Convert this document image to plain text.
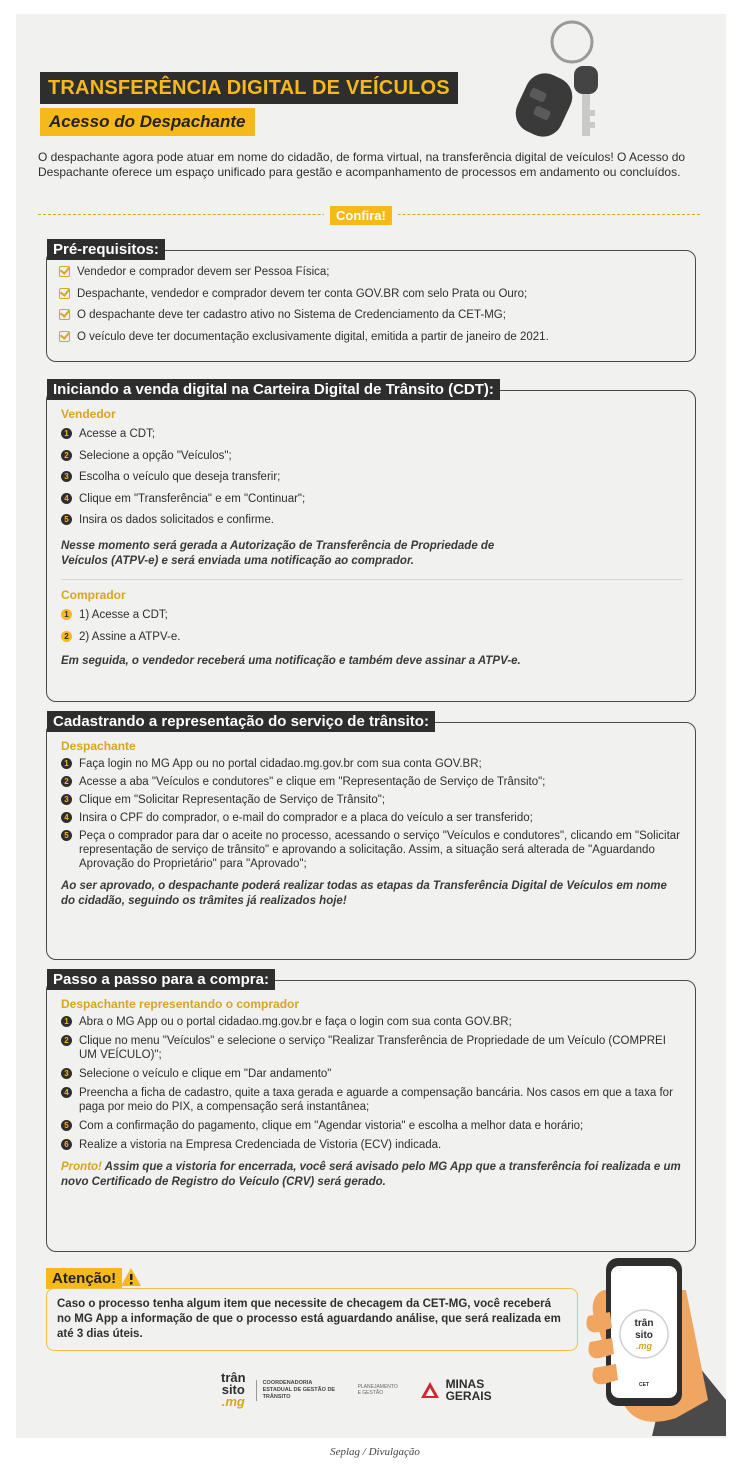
TRANSFERÊNCIA DIGITAL DE VEÍCULOS
Acesso do Despachante

O despachante agora pode atuar em nome do cidadão, de forma virtual, na transferência digital de veículos! O Acesso do Despachante oferece um espaço unificado para gestão e acompanhamento de processos em andamento ou concluídos.

Confira!
Pré-requisitos:
Vendedor e comprador devem ser Pessoa Física;
Despachante, vendedor e comprador devem ter conta GOV.BR com selo Prata ou Ouro;
O despachante deve ter cadastro ativo no Sistema de Credenciamento da CET-MG;
O veículo deve ter documentação exclusivamente digital, emitida a partir de janeiro de 2021.
Iniciando a venda digital na Carteira Digital de Trânsito (CDT):
Vendedor
1 Acesse a CDT;
2 Selecione a opção "Veículos";
3 Escolha o veículo que deseja transferir;
4 Clique em "Transferência" e em "Continuar";
5 Insira os dados solicitados e confirme.

Nesse momento será gerada a Autorização de Transferência de Propriedade de Veículos (ATPV-e) e será enviada uma notificação ao comprador.

Comprador
1 1) Acesse a CDT;
2 2) Assine a ATPV-e.

Em seguida, o vendedor receberá uma notificação e também deve assinar a ATPV-e.

Cadastrando a representação do serviço de trânsito:
Despachante
1 Faça login no MG App ou no portal cidadao.mg.gov.br com sua conta GOV.BR;
2 Acesse a aba "Veículos e condutores" e clique em "Representação de Serviço de Trânsito";
3 Clique em "Solicitar Representação de Serviço de Trânsito";
4 Insira o CPF do comprador, o e-mail do comprador e a placa do veículo a ser transferido;
5 Peça o comprador para dar o aceite no processo, acessando o serviço "Veículos e condutores", clicando em "Solicitar representação de serviço de trânsito" e aprovando a solicitação. Assim, a situação será alterada de "Aguardando Aprovação do Proprietário" para "Aprovado";

Ao ser aprovado, o despachante poderá realizar todas as etapas da Transferência Digital de Veículos em nome do cidadão, seguindo os trâmites já realizados hoje!

Passo a passo para a compra:
Despachante representando o comprador
1 Abra o MG App ou o portal cidadao.mg.gov.br e faça o login com sua conta GOV.BR;
2 Clique no menu "Veículos" e selecione o serviço "Realizar Transferência de Propriedade de um Veículo (COMPREI UM VEÍCULO)";
3 Selecione o veículo e clique em "Dar andamento"
4 Preencha a ficha de cadastro, quite a taxa gerada e aguarde a compensação bancária. Nos casos em que a taxa for paga por meio do PIX, a compensação será instantânea;
5 Com a confirmação do pagamento, clique em "Agendar vistoria" e escolha a melhor data e horário;
6 Realize a vistoria na Empresa Credenciada de Vistoria (ECV) indicada.

Pronto! Assim que a vistoria for encerrada, você será avisado pelo MG App que a transferência foi realizada e um novo Certificado de Registro do Veículo (CRV) será gerado.

Atenção!
Caso o processo tenha algum item que necessite de checagem da CET-MG, você receberá no MG App a informação de que o processo está aguardando análise, que será realizada em até 3 dias úteis.
trân
sito
.mg
COORDENADORIA ESTADUAL DE GESTÃO DE TRÂNSITO
PLANEJAMENTO E GESTÃO
MINAS
GERAIS
trân
sito
.mg
CET
Seplag / Divulgação
